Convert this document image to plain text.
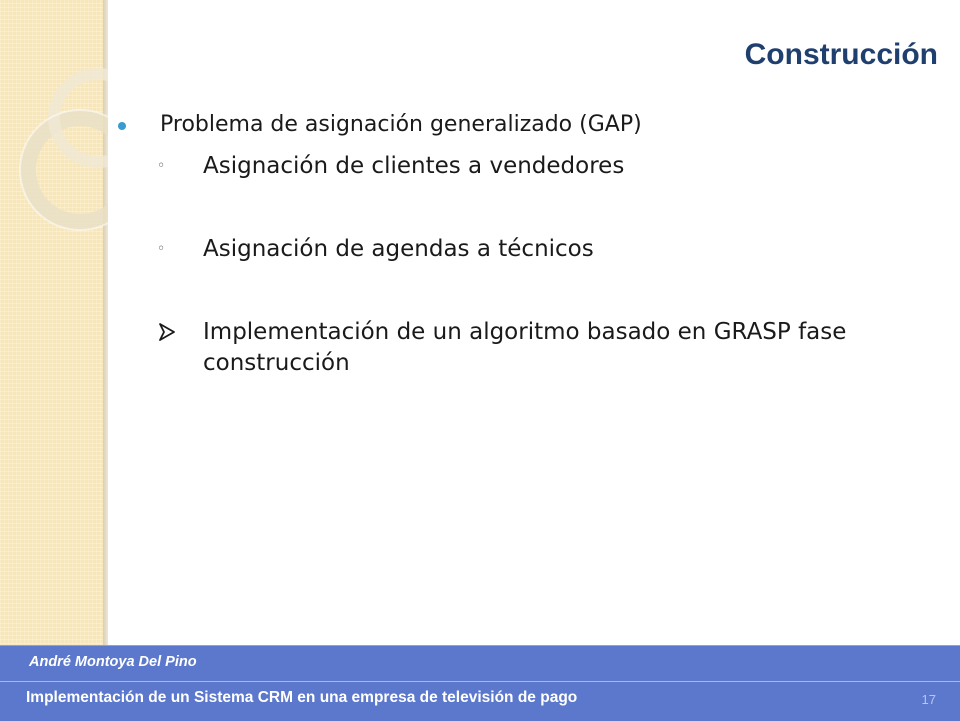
Construcción
Problema de asignación generalizado (GAP)
◦ Asignación de clientes a vendedores
◦ Asignación de agendas a técnicos
Implementación de un algoritmo basado en GRASP fase construcción
André Montoya Del Pino
Implementación de un Sistema CRM en una empresa de televisión de pago	17
